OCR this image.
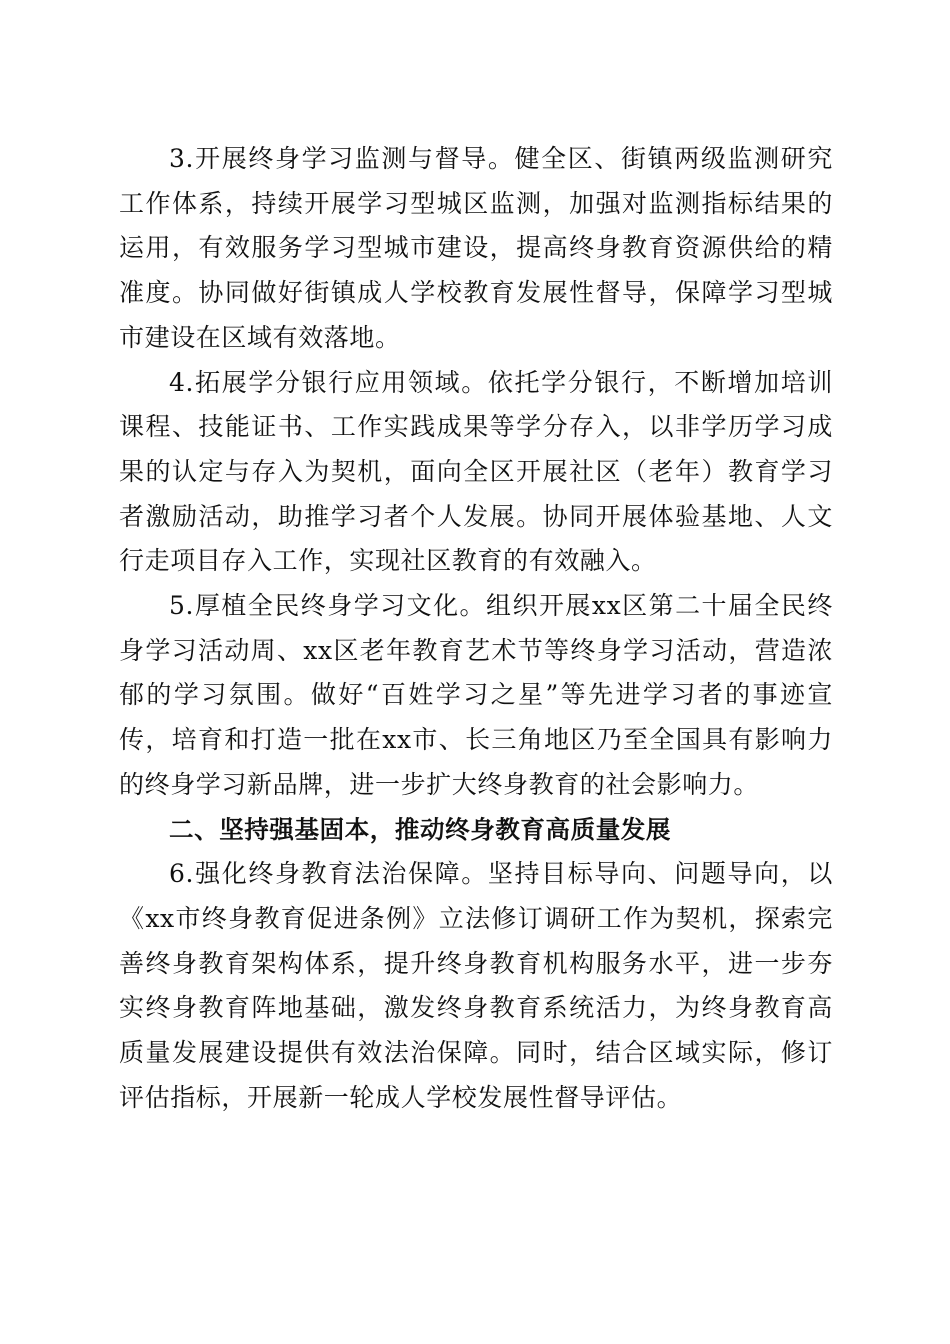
3.开展终身学习监测与督导。健全区、街镇两级监测研究工作体系，持续开展学习型城区监测，加强对监测指标结果的运用，有效服务学习型城市建设，提高终身教育资源供给的精准度。协同做好街镇成人学校教育发展性督导，保障学习型城市建设在区域有效落地。

4.拓展学分银行应用领域。依托学分银行，不断增加培训课程、技能证书、工作实践成果等学分存入，以非学历学习成果的认定与存入为契机，面向全区开展社区（老年）教育学习者激励活动，助推学习者个人发展。协同开展体验基地、人文行走项目存入工作，实现社区教育的有效融入。

5.厚植全民终身学习文化。组织开展xx区第二十届全民终身学习活动周、xx区老年教育艺术节等终身学习活动，营造浓郁的学习氛围。做好“百姓学习之星”等先进学习者的事迹宣传，培育和打造一批在xx市、长三角地区乃至全国具有影响力的终身学习新品牌，进一步扩大终身教育的社会影响力。

二、坚持强基固本，推动终身教育高质量发展

6.强化终身教育法治保障。坚持目标导向、问题导向，以《xx市终身教育促进条例》立法修订调研工作为契机，探索完善终身教育架构体系，提升终身教育机构服务水平，进一步夯实终身教育阵地基础，激发终身教育系统活力，为终身教育高质量发展建设提供有效法治保障。同时，结合区域实际，修订评估指标，开展新一轮成人学校发展性督导评估。
